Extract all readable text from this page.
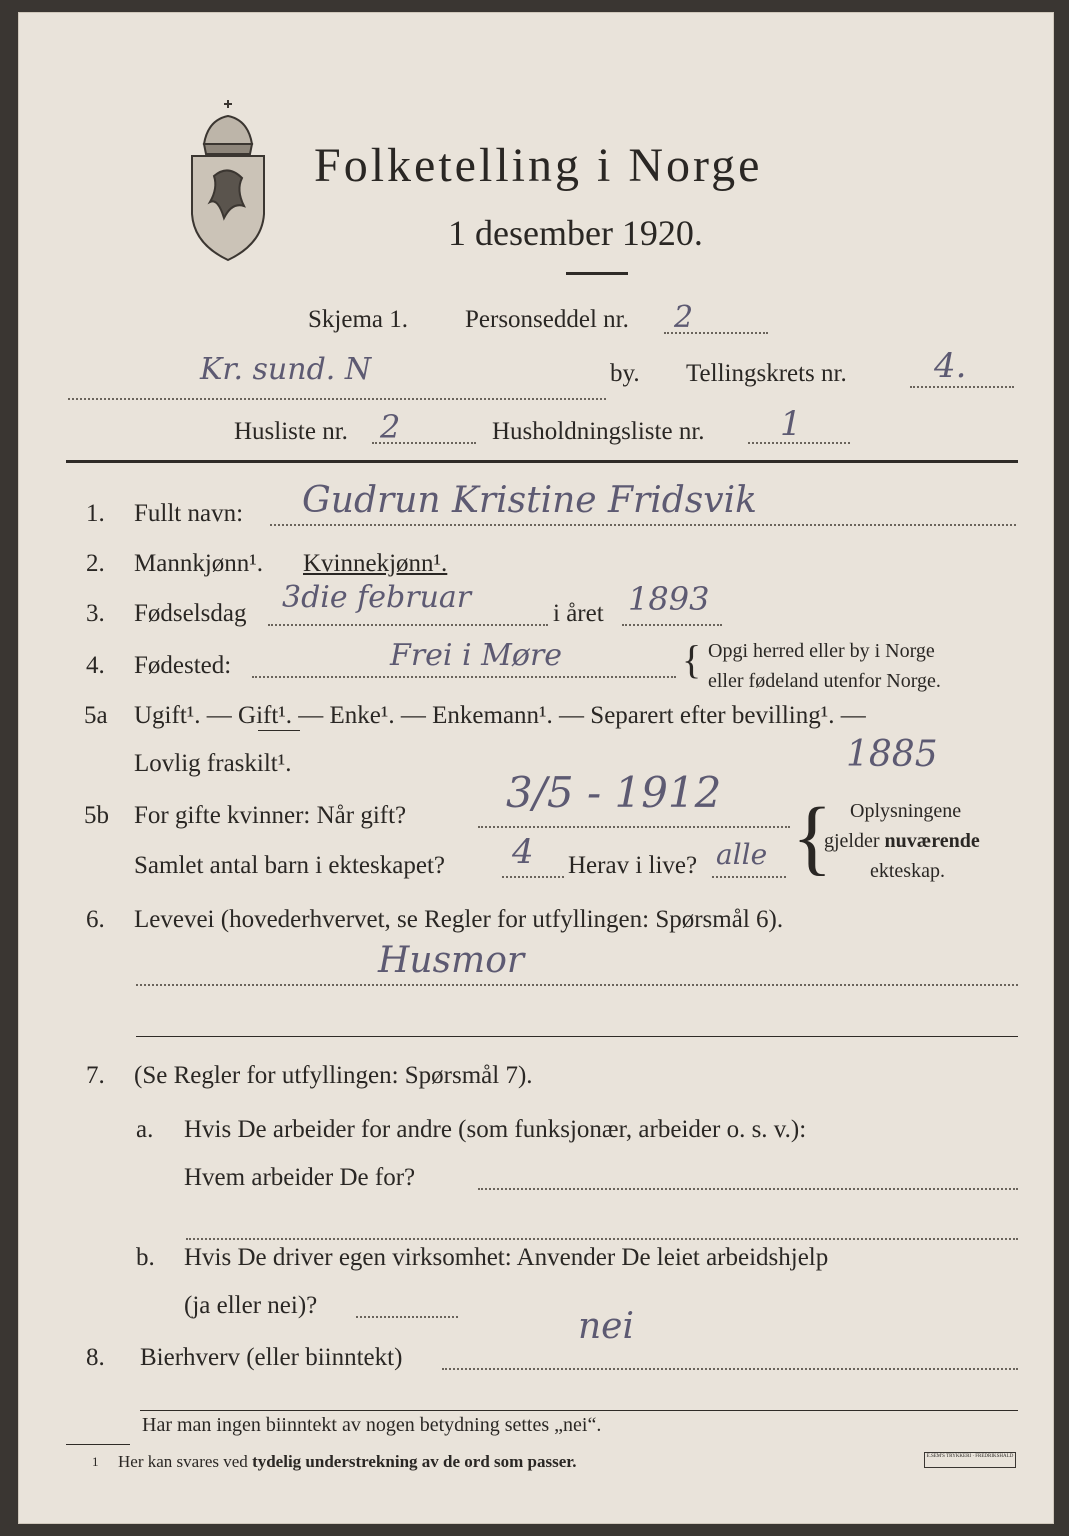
Folketelling i Norge
1 desember 1920.
Skjema 1. Personseddel nr. 2
Kr. sund. N	by. Tellingskrets nr.	4.
Husliste nr. 2	Husholdningsliste nr. 1
1. Fullt navn: Gudrun Kristine Fridsvik
2. Mannkjønn¹. Kvinnekjønn¹.
3. Fødselsdag 3die februar	i året 1893
4. Fødested:	Frei i Møre	{ Opgi herred eller by i Norge
eller fødeland utenfor Norge.
5a Ugift¹. — Gift¹. — Enke¹. — Enkemann¹. — Separert efter bevilling¹. —
Lovlig fraskilt¹.	1885
5b For gifte kvinner: Når gift? 3/5 - 1912
Samlet antal barn i ekteskapet? 4 Herav i live? alle { Oplysningene
gjelder nuværende
ekteskap.
6. Levevei (hovederhvervet, se Regler for utfyllingen: Spørsmål 6).
Husmor
7. (Se Regler for utfyllingen: Spørsmål 7).
a. Hvis De arbeider for andre (som funksjonær, arbeider o. s. v.):
Hvem arbeider De for?
b. Hvis De driver egen virksomhet: Anvender De leiet arbeidshjelp
(ja eller nei)?
nei
8. Bierhverv (eller biinntekt)
Har man ingen biinntekt av nogen betydning settes „nei“.
1 Her kan svares ved tydelig understrekning av de ord som passer.	E.SEM'S TRYKKERI · FREDRIKSHALD
